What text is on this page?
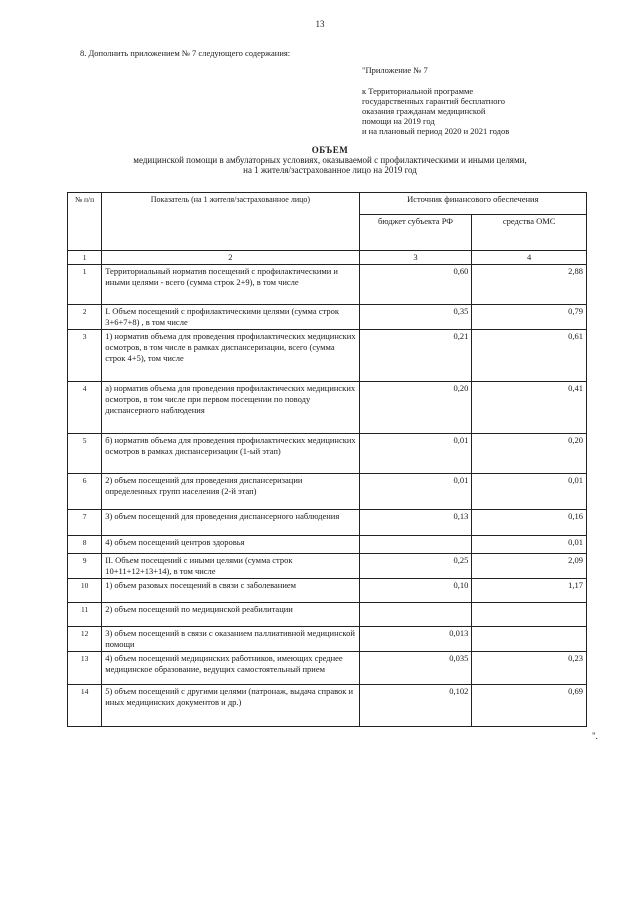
13
8. Дополнить приложением № 7 следующего содержания:
"Приложение № 7
к Территориальной программе
государственных гарантий бесплатного
оказания гражданам медицинской
помощи на 2019 год
и на плановый период 2020 и 2021 годов
ОБЪЕМ
медицинской помощи в амбулаторных условиях, оказываемой с профилактическими и иными целями,
на 1 жителя/застрахованное лицо на 2019 год
№ п/п	Показатель (на 1 жителя/застрахованное лицо)	Источник финансового обеспечения	
		бюджет субъекта РФ	средства ОМС
1	2	3	4
1	Территориальный норматив посещений с профилактическими и иными целями - всего (сумма строк 2+9), в том числе	0,60	2,88
2	I. Объем посещений с профилактическими целями (сумма строк 3+6+7+8) , в том числе	0,35	0,79
3	1) норматив объема для проведения профилактических медицинских осмотров, в том числе в рамках диспансеризации, всего (сумма строк 4+5), том числе	0,21	0,61
4	а) норматив объема для проведения профилактических медицинских осмотров, в том числе при первом посещении по поводу диспансерного наблюдения	0,20	0,41
5	б) норматив объема для проведения профилактических медицинских осмотров в рамках диспансеризации (1-ый этап)	0,01	0,20
6	2) объем посещений для проведения диспансеризации определенных групп населения (2-й этап)	0,01	0,01
7	3) объем посещений для проведения диспансерного наблюдения	0,13	0,16
8	4) объем посещений центров здоровья		0,01
9	II. Объем посещений с иными целями (сумма строк 10+11+12+13+14), в том числе	0,25	2,09
10	1) объем разовых посещений в связи с заболеванием	0,10	1,17
11	2) объем посещений по медицинской реабилитации		
12	3) объем посещений в связи с оказанием паллиативной медицинской помощи	0,013	
13	4) объем посещений медицинских работников, имеющих среднее медицинское образование, ведущих самостоятельный прием	0,035	0,23
14	5) объем посещений с другими целями (патронаж, выдача справок и иных медицинских документов и др.)	0,102	0,69
".
